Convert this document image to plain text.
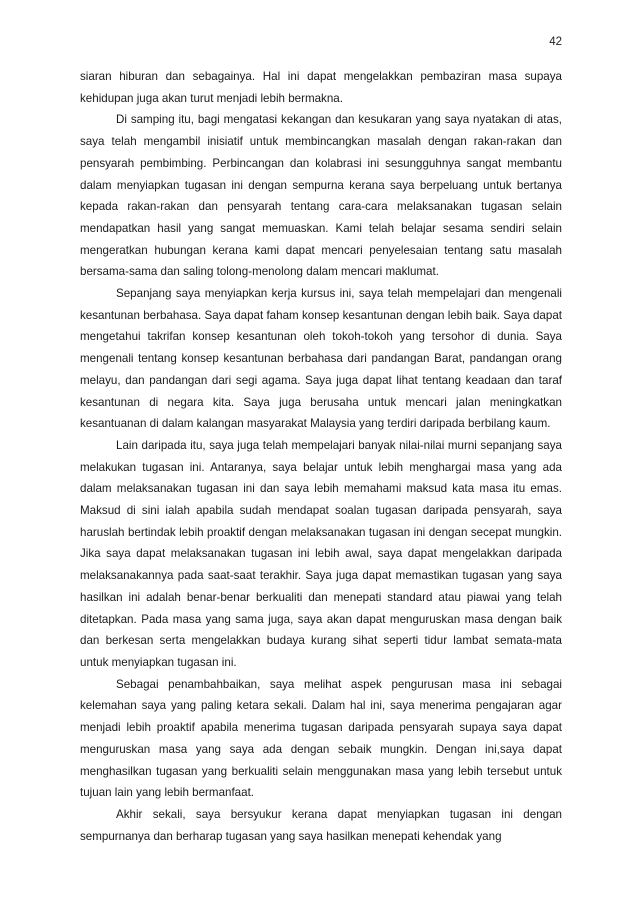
42

siaran hiburan dan sebagainya. Hal ini dapat mengelakkan pembaziran masa supaya kehidupan juga akan turut menjadi lebih bermakna.

Di samping itu, bagi mengatasi kekangan dan kesukaran yang saya nyatakan di atas, saya telah mengambil inisiatif untuk membincangkan masalah dengan rakan-rakan dan pensyarah pembimbing. Perbincangan dan kolabrasi ini sesungguhnya sangat membantu dalam menyiapkan tugasan ini dengan sempurna kerana saya berpeluang untuk bertanya kepada rakan-rakan dan pensyarah tentang cara-cara melaksanakan tugasan selain mendapatkan hasil yang sangat memuaskan. Kami telah belajar sesama sendiri selain mengeratkan hubungan kerana kami dapat mencari penyelesaian tentang satu masalah bersama-sama dan saling tolong-menolong dalam mencari maklumat.

Sepanjang saya menyiapkan kerja kursus ini, saya telah mempelajari dan mengenali kesantunan berbahasa. Saya dapat faham konsep kesantunan dengan lebih baik. Saya dapat mengetahui takrifan konsep kesantunan oleh tokoh-tokoh yang tersohor di dunia. Saya mengenali tentang konsep kesantunan berbahasa dari pandangan Barat, pandangan orang melayu, dan pandangan dari segi agama. Saya juga dapat lihat tentang keadaan dan taraf kesantunan di negara kita. Saya juga berusaha untuk mencari jalan meningkatkan kesantuanan di dalam kalangan masyarakat Malaysia yang terdiri daripada berbilang kaum.

Lain daripada itu, saya juga telah mempelajari banyak nilai-nilai murni sepanjang saya melakukan tugasan ini. Antaranya, saya belajar untuk lebih menghargai masa yang ada dalam melaksanakan tugasan ini dan saya lebih memahami maksud kata masa itu emas. Maksud di sini ialah apabila sudah mendapat soalan tugasan daripada pensyarah, saya haruslah bertindak lebih proaktif dengan melaksanakan tugasan ini dengan secepat mungkin. Jika saya dapat melaksanakan tugasan ini lebih awal, saya dapat mengelakkan daripada melaksanakannya pada saat-saat terakhir. Saya juga dapat memastikan tugasan yang saya hasilkan ini adalah benar-benar berkualiti dan menepati standard atau piawai yang telah ditetapkan. Pada masa yang sama juga, saya akan dapat menguruskan masa dengan baik dan berkesan serta mengelakkan budaya kurang sihat seperti tidur lambat semata-mata untuk menyiapkan tugasan ini.

Sebagai penambahbaikan, saya melihat aspek pengurusan masa ini sebagai kelemahan saya yang paling ketara sekali. Dalam hal ini, saya menerima pengajaran agar menjadi lebih proaktif apabila menerima tugasan daripada pensyarah supaya saya dapat menguruskan masa yang saya ada dengan sebaik mungkin. Dengan ini,saya dapat menghasilkan tugasan yang berkualiti selain menggunakan masa yang lebih tersebut untuk tujuan lain yang lebih bermanfaat.

Akhir sekali, saya bersyukur kerana dapat menyiapkan tugasan ini dengan sempurnanya dan berharap tugasan yang saya hasilkan menepati kehendak yang
